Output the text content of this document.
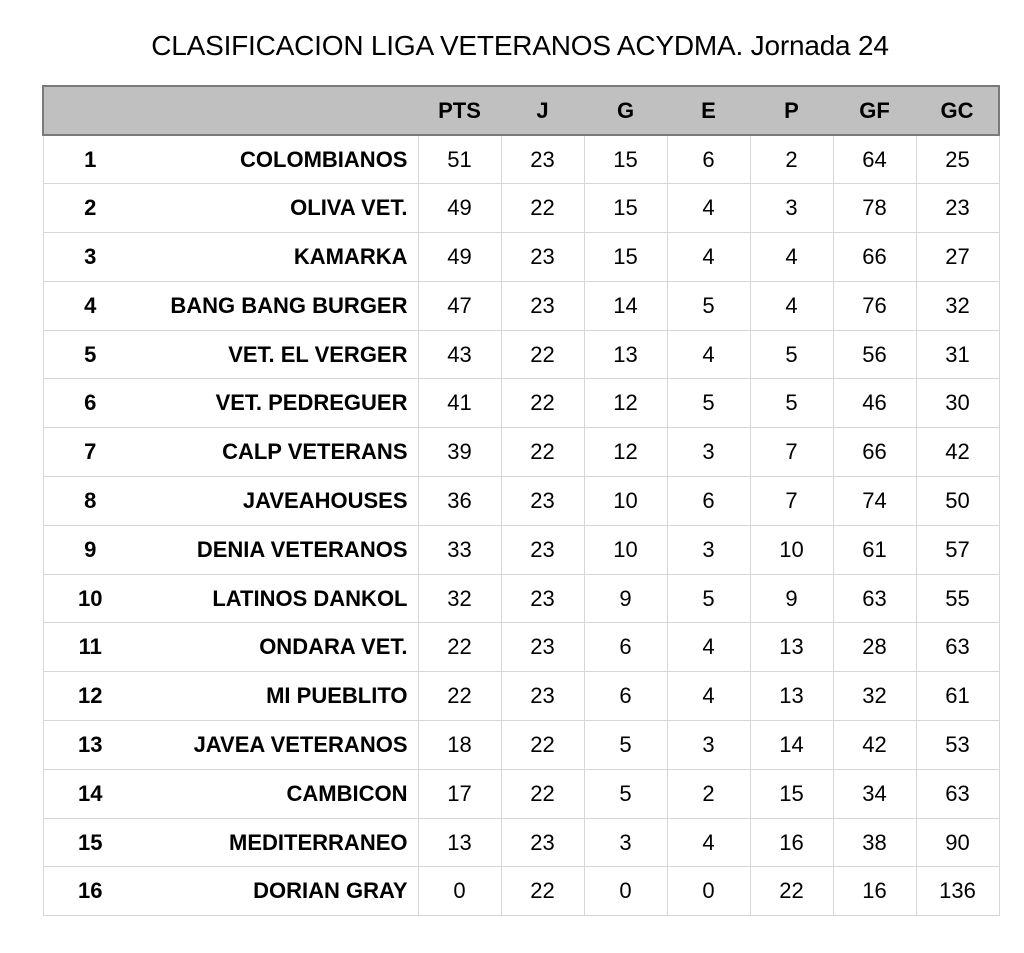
CLASIFICACION LIGA VETERANOS ACYDMA. Jornada 24
		PTS	J	G	E	P	GF	GC
1	COLOMBIANOS	51	23	15	6	2	64	25
2	OLIVA VET.	49	22	15	4	3	78	23
3	KAMARKA	49	23	15	4	4	66	27
4	BANG BANG BURGER	47	23	14	5	4	76	32
5	VET. EL VERGER	43	22	13	4	5	56	31
6	VET. PEDREGUER	41	22	12	5	5	46	30
7	CALP VETERANS	39	22	12	3	7	66	42
8	JAVEAHOUSES	36	23	10	6	7	74	50
9	DENIA VETERANOS	33	23	10	3	10	61	57
10	LATINOS DANKOL	32	23	9	5	9	63	55
11	ONDARA VET.	22	23	6	4	13	28	63
12	MI PUEBLITO	22	23	6	4	13	32	61
13	JAVEA VETERANOS	18	22	5	3	14	42	53
14	CAMBICON	17	22	5	2	15	34	63
15	MEDITERRANEO	13	23	3	4	16	38	90
16	DORIAN GRAY	0	22	0	0	22	16	136
